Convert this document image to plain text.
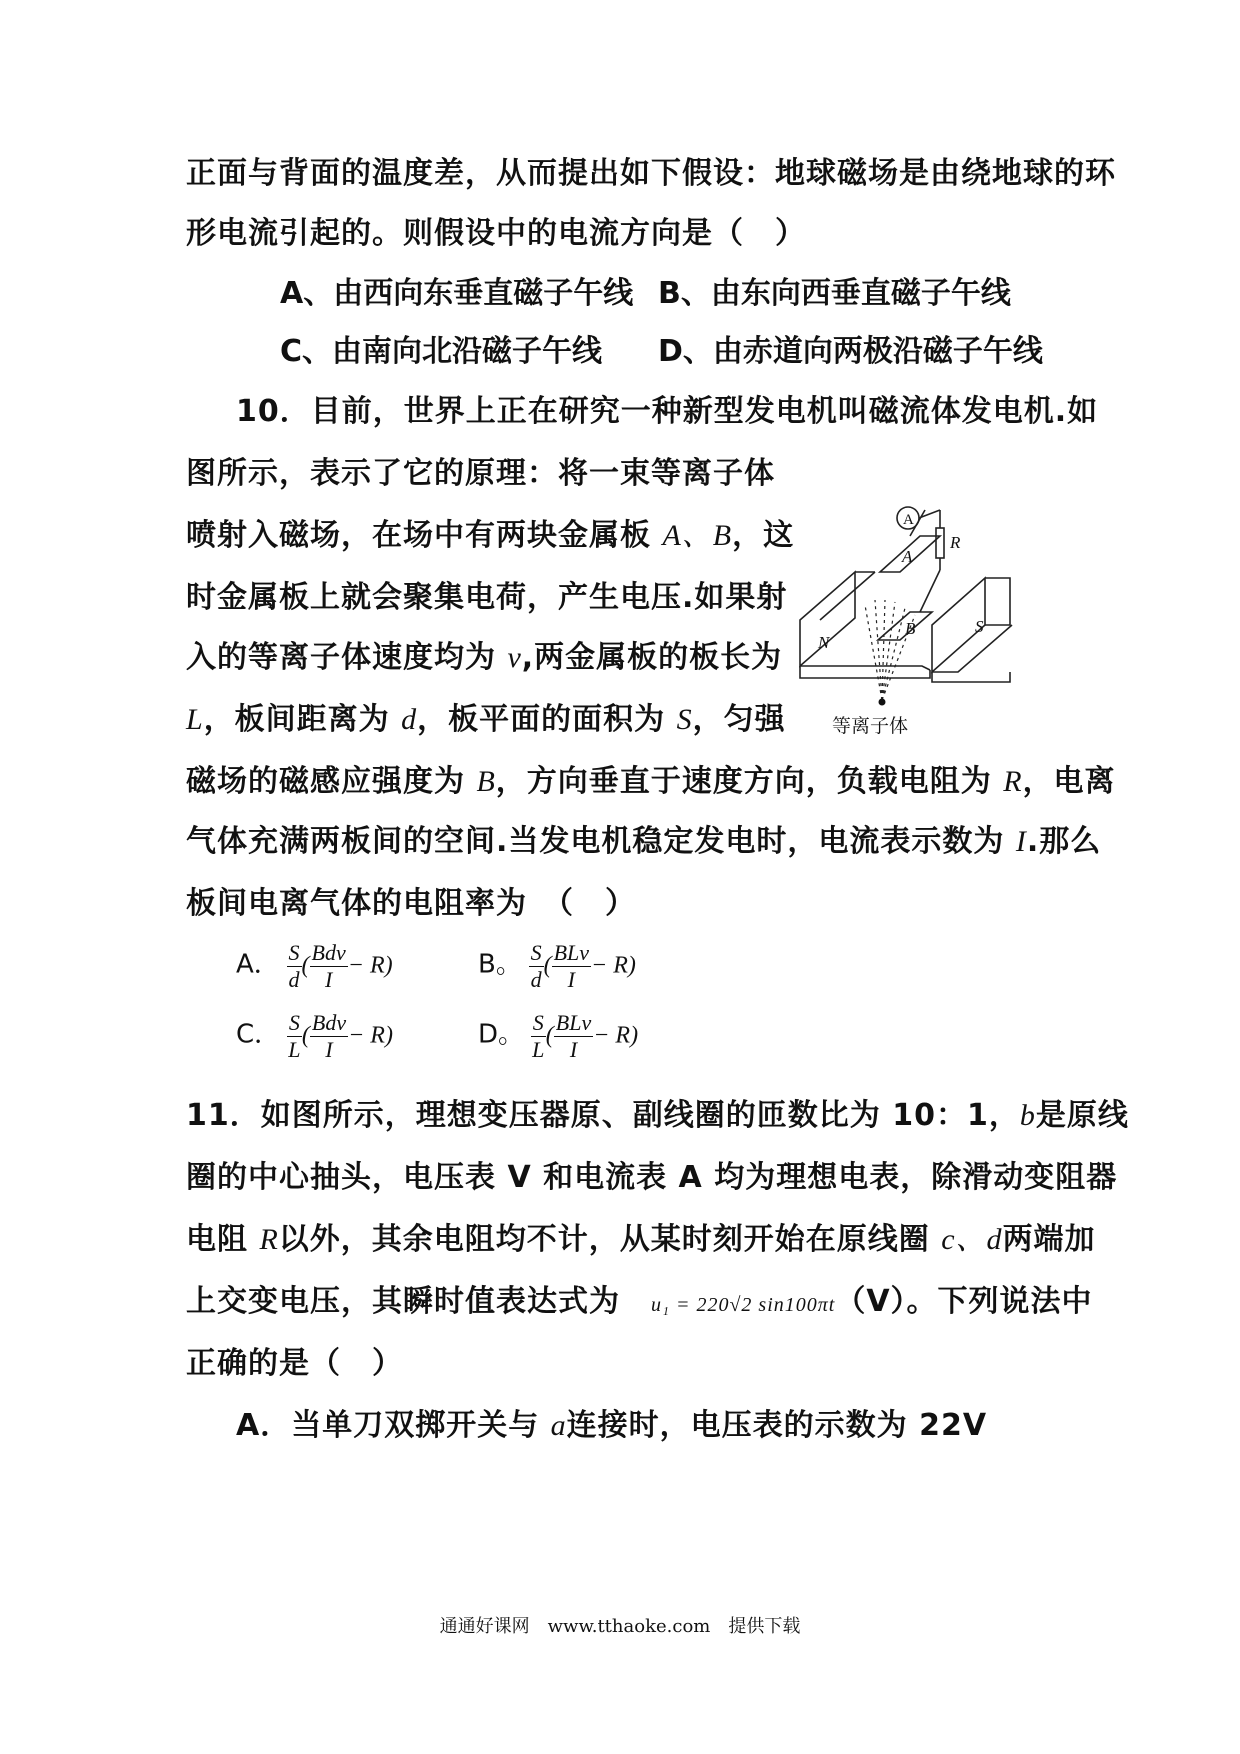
正面与背面的温度差，从而提出如下假设：地球磁场是由绕地球的环
形电流引起的。则假设中的电流方向是（　）
A、由西向东垂直磁子午线 B、由东向西垂直磁子午线
C、由南向北沿磁子午线 D、由赤道向两极沿磁子午线
10．目前，世界上正在研究一种新型发电机叫磁流体发电机.如
图所示，表示了它的原理：将一束等离子体
喷射入磁场，在场中有两块金属板 A、B，这
时金属板上就会聚集电荷，产生电压.如果射
入的等离子体速度均为 v,两金属板的板长为
L，板间距离为 d，板平面的面积为 S，匀强
磁场的磁感应强度为 B，方向垂直于速度方向，负载电阻为 R，电离
气体充满两板间的空间.当发电机稳定发电时，电流表示数为 I.那么
板间电离气体的电阻率为　（　）
A． $\frac{S}{d}$ ( $\frac{\text{Bdv}}{I} - R$)	B。 $\frac{S}{d}$ ( $\frac{\text{BLv}}{I} - R$)
C． $\frac{S}{L}$ ( $\frac{\text{Bdv}}{I} - R$)	D。 $\frac{S}{L}$ ( $\frac{\text{BLv}}{I} - R$)
A
R
A
B
N
S
等离子体
11．如图所示，理想变压器原、副线圈的匝数比为 10：1，b是原线
圈的中心抽头，电压表 V 和电流表 A 均为理想电表，除滑动变阻器
电阻 R以外，其余电阻均不计，从某时刻开始在原线圈 c、d两端加
上交变电压，其瞬时值表达式为　u₁ = 220√2 sin100πt（V）。下列说法中
正确的是（　）
A．当单刀双掷开关与 a连接时，电压表的示数为 22V
通通好课网　www.tthaoke.com　提供下载
